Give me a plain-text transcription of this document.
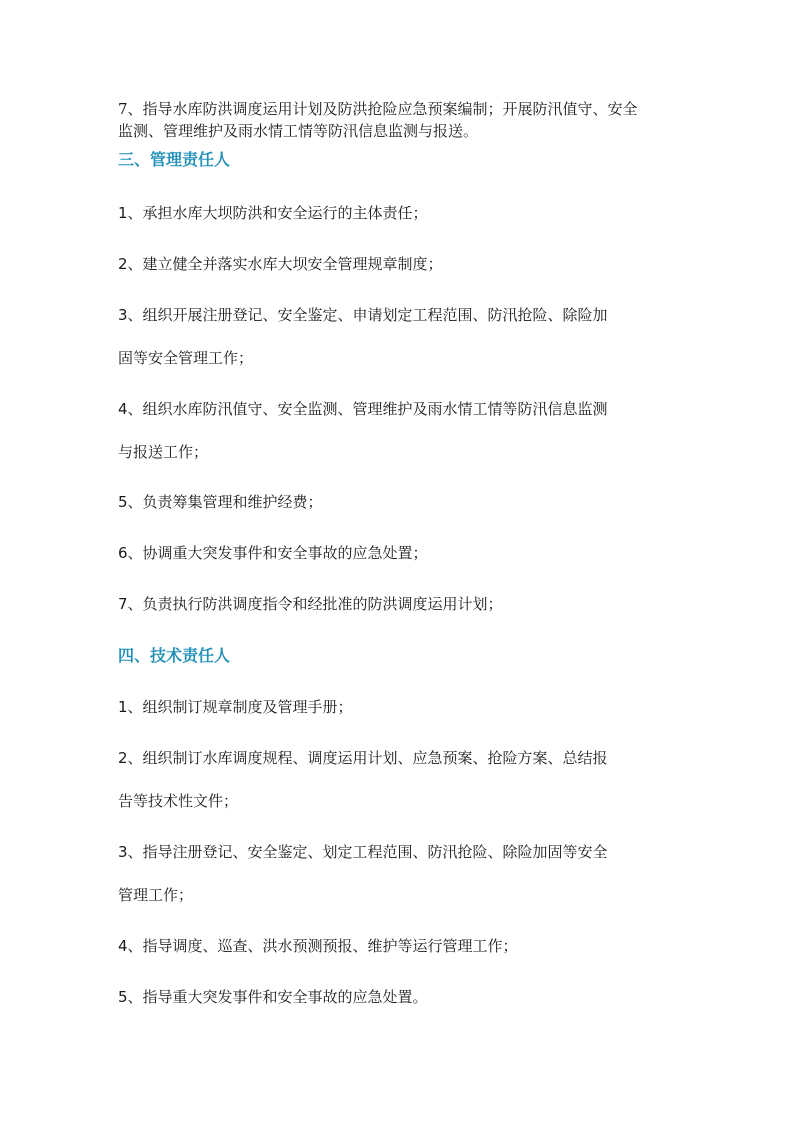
7、指导水库防洪调度运用计划及防洪抢险应急预案编制；开展防汛值守、安全
监测、管理维护及雨水情工情等防汛信息监测与报送。
三、管理责任人
1、承担水库大坝防洪和安全运行的主体责任；
2、建立健全并落实水库大坝安全管理规章制度；
3、组织开展注册登记、安全鉴定、申请划定工程范围、防汛抢险、除险加
固等安全管理工作；
4、组织水库防汛值守、安全监测、管理维护及雨水情工情等防汛信息监测
与报送工作；
5、负责筹集管理和维护经费；
6、协调重大突发事件和安全事故的应急处置；
7、负责执行防洪调度指令和经批准的防洪调度运用计划；
四、技术责任人
1、组织制订规章制度及管理手册；
2、组织制订水库调度规程、调度运用计划、应急预案、抢险方案、总结报
告等技术性文件；
3、指导注册登记、安全鉴定、划定工程范围、防汛抢险、除险加固等安全
管理工作；
4、指导调度、巡查、洪水预测预报、维护等运行管理工作；
5、指导重大突发事件和安全事故的应急处置。
